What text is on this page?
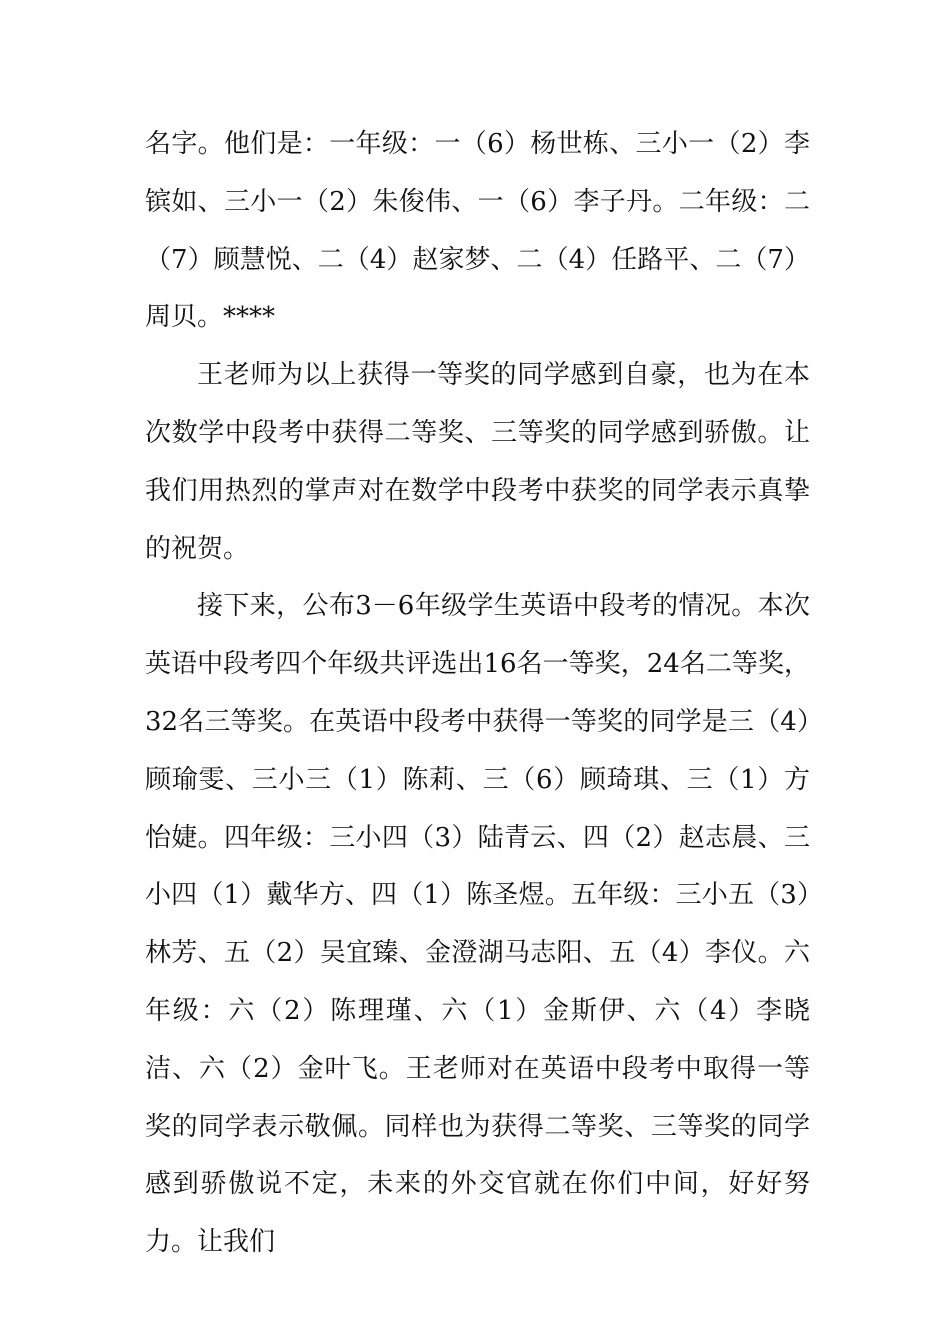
名字。他们是：一年级：一（6）杨世栋、三小一（2）李镔如、三小一（2）朱俊伟、一（6）李子丹。二年级：二（7）顾慧悦、二（4）赵家梦、二（4）任路平、二（7）周贝。****

王老师为以上获得一等奖的同学感到自豪，也为在本次数学中段考中获得二等奖、三等奖的同学感到骄傲。让我们用热烈的掌声对在数学中段考中获奖的同学表示真挚的祝贺。

接下来，公布3－6年级学生英语中段考的情况。本次英语中段考四个年级共评选出16名一等奖，24名二等奖，32名三等奖。在英语中段考中获得一等奖的同学是三（4）顾瑜雯、三小三（1）陈莉、三（6）顾琦琪、三（1）方怡婕。四年级：三小四（3）陆青云、四（2）赵志晨、三小四（1）戴华方、四（1）陈圣煜。五年级：三小五（3）林芳、五（2）吴宜臻、金澄湖马志阳、五（4）李仪。六年级：六（2）陈理瑾、六（1）金斯伊、六（4）李晓洁、六（2）金叶飞。王老师对在英语中段考中取得一等奖的同学表示敬佩。同样也为获得二等奖、三等奖的同学感到骄傲说不定，未来的外交官就在你们中间，好好努力。让我们
